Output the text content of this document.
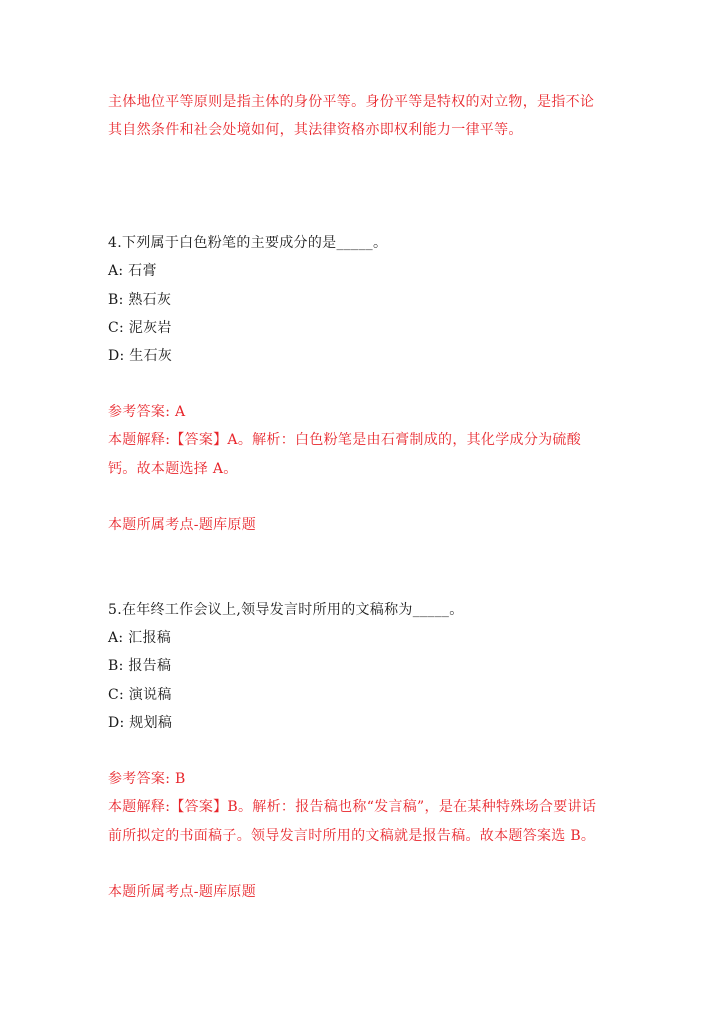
主体地位平等原则是指主体的身份平等。身份平等是特权的对立物，是指不论
其自然条件和社会处境如何，其法律资格亦即权利能力一律平等。
4.下列属于白色粉笔的主要成分的是_____。
A: 石膏
B: 熟石灰
C: 泥灰岩
D: 生石灰
参考答案: A
本题解释:【答案】A。解析：白色粉笔是由石膏制成的，其化学成分为硫酸
钙。故本题选择 A。
本题所属考点-题库原题
5.在年终工作会议上,领导发言时所用的文稿称为_____。
A: 汇报稿
B: 报告稿
C: 演说稿
D: 规划稿
参考答案: B
本题解释:【答案】B。解析：报告稿也称“发言稿”，是在某种特殊场合要讲话
前所拟定的书面稿子。领导发言时所用的文稿就是报告稿。故本题答案选 B。
本题所属考点-题库原题
